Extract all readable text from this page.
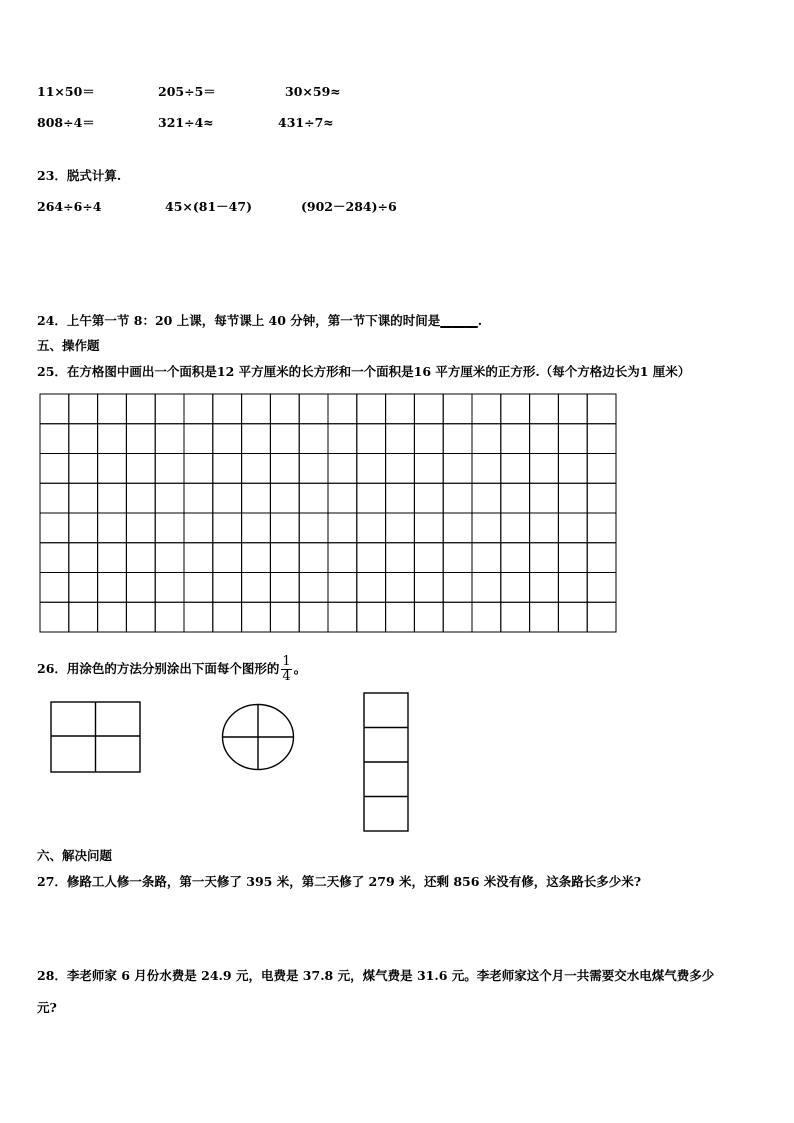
11×50＝	205÷5＝	30×59≈
808÷4＝	321÷4≈	431÷7≈
23．脱式计算.
264÷6÷4	45×(81－47)	(902－284)÷6
24．上午第一节 8：20 上课，每节课上 40 分钟，第一节下课的时间是______.
五、操作题
25．在方格图中画出一个面积是12 平方厘米的长方形和一个面积是16 平方厘米的正方形.（每个方格边长为1 厘米）
26．用涂色的方法分别涂出下面每个图形的 $\frac{1}{4}$ 。
六、解决问题
27．修路工人修一条路，第一天修了 395 米，第二天修了 279 米，还剩 856 米没有修，这条路长多少米?
28．李老师家 6 月份水费是 24.9 元，电费是 37.8 元，煤气费是 31.6 元。李老师家这个月一共需要交水电煤气费多少
元?
